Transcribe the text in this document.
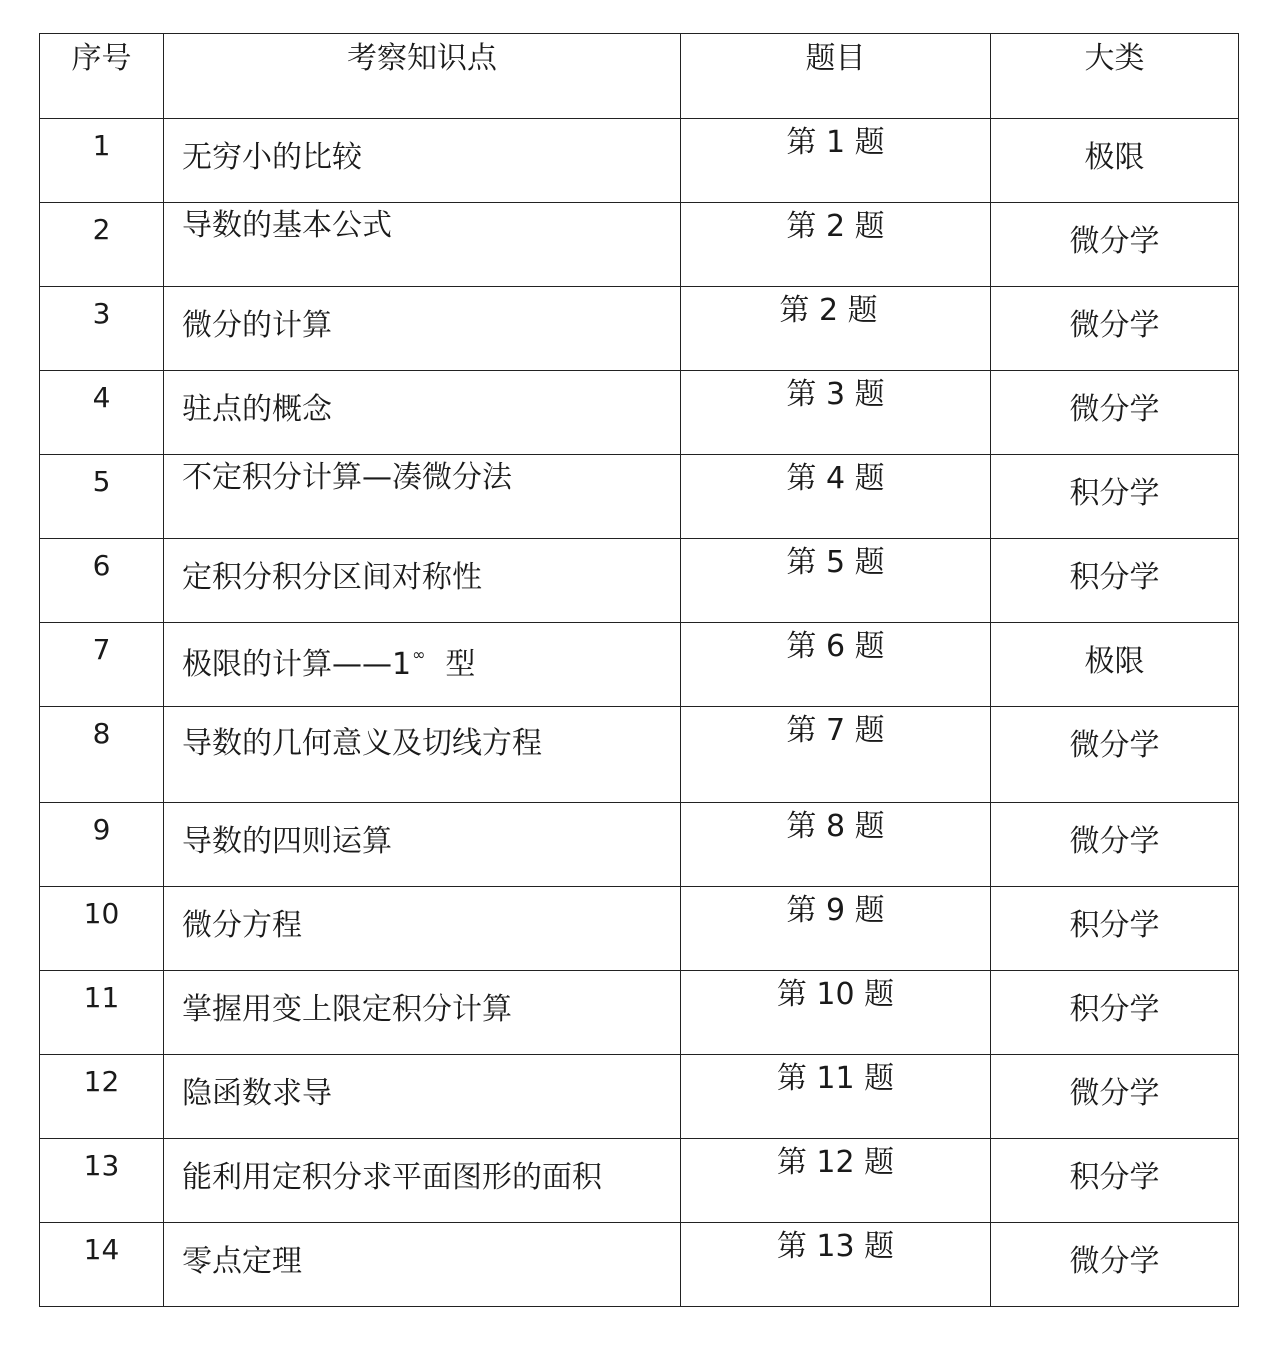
序号	考察知识点	题目	大类

1	无穷小的比较	第 1 题	极限

2	导数的基本公式	第 2 题	微分学

3	微分的计算	第 2 题	微分学

4	驻点的概念	第 3 题	微分学

5	不定积分计算—凑微分法	第 4 题	积分学

6	定积分积分区间对称性	第 5 题	积分学

7	极限的计算——1∞ 型	第 6 题	极限

8	导数的几何意义及切线方程	第 7 题	微分学

9	导数的四则运算	第 8 题	微分学

10	微分方程	第 9 题	积分学

11	掌握用变上限定积分计算	第 10 题	积分学

12	隐函数求导	第 11 题	微分学

13	能利用定积分求平面图形的面积	第 12 题	积分学

14	零点定理	第 13 题	微分学
